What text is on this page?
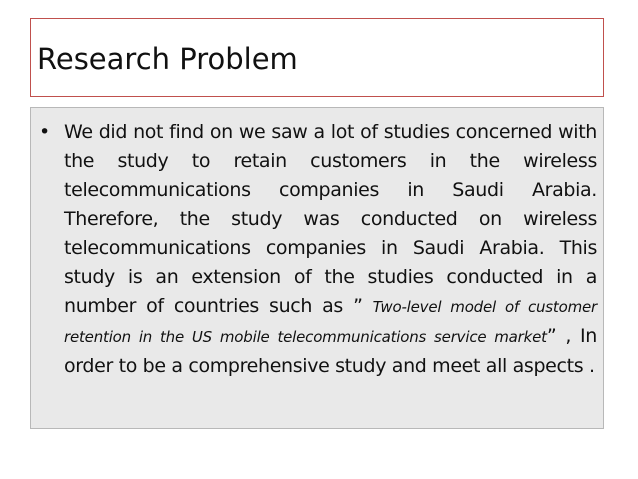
Research Problem
• We did not find on we saw a lot of studies concerned with the study to retain customers in the wireless telecommunications companies in Saudi Arabia. Therefore, the study was conducted on wireless telecommunications companies in Saudi Arabia. This study is an extension of the studies conducted in a number of countries such as ” Two-level model of customer retention in the US mobile telecommunications service market” , In order to be a comprehensive study and meet all aspects .
